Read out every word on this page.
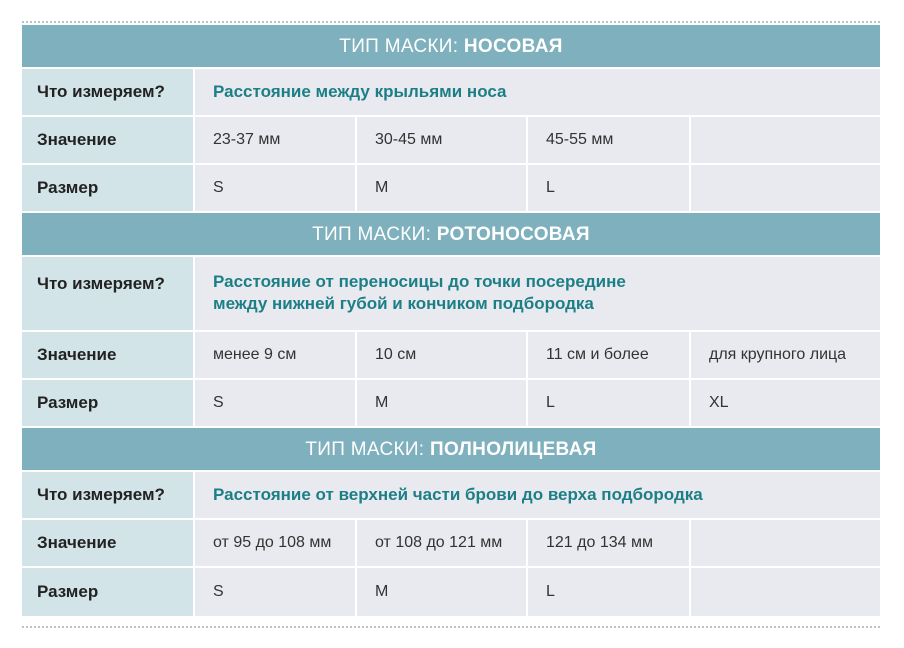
ТИП МАСКИ: НОСОВАЯ
Что измеряем?	Расстояние между крыльями носа
Значение	23-37 мм	30-45 мм	45-55 мм
Размер	S	M	L
ТИП МАСКИ: РОТОНОСОВАЯ
Что измеряем?	Расстояние от переносицы до точки посередине
между нижней губой и кончиком подбородка
Значение	менее 9 см	10 см	11 см и более	для крупного лица
Размер	S	M	L	XL
ТИП МАСКИ: ПОЛНОЛИЦЕВАЯ
Что измеряем?	Расстояние от верхней части брови до верха подбородка
Значение	от 95 до 108 мм	от 108 до 121 мм	121 до 134 мм
Размер	S	M	L
